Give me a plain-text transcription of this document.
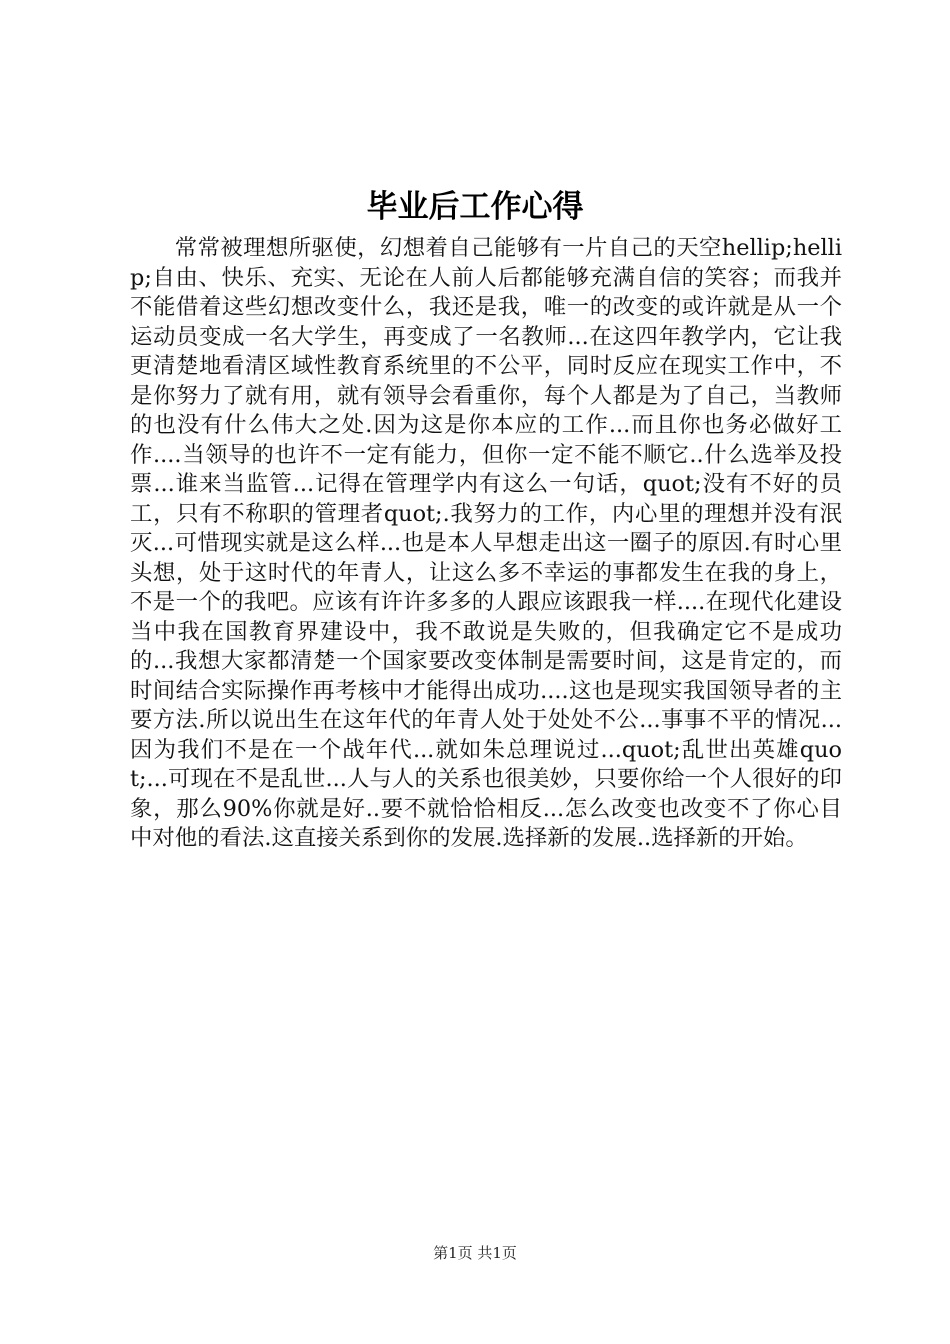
毕业后工作心得

常常被理想所驱使，幻想着自己能够有一片自己的天空hellip;hellip;自由、快乐、充实、无论在人前人后都能够充满自信的笑容；而我并不能借着这些幻想改变什么，我还是我，唯一的改变的或许就是从一个运动员变成一名大学生，再变成了一名教师...在这四年教学内，它让我更清楚地看清区域性教育系统里的不公平，同时反应在现实工作中，不是你努力了就有用，就有领导会看重你，每个人都是为了自己，当教师的也没有什么伟大之处.因为这是你本应的工作...而且你也务必做好工作....当领导的也许不一定有能力，但你一定不能不顺它..什么选举及投票...谁来当监管...记得在管理学内有这么一句话，quot;没有不好的员工，只有不称职的管理者quot;.我努力的工作，内心里的理想并没有泯灭...可惜现实就是这么样...也是本人早想走出这一圈子的原因.有时心里头想，处于这时代的年青人，让这么多不幸运的事都发生在我的身上，不是一个的我吧。应该有许许多多的人跟应该跟我一样....在现代化建设当中我在国教育界建设中，我不敢说是失败的，但我确定它不是成功的...我想大家都清楚一个国家要改变体制是需要时间，这是肯定的，而时间结合实际操作再考核中才能得出成功....这也是现实我国领导者的主要方法.所以说出生在这年代的年青人处于处处不公...事事不平的情况...因为我们不是在一个战年代...就如朱总理说过...quot;乱世出英雄quot;...可现在不是乱世...人与人的关系也很美妙，只要你给一个人很好的印象，那么90%你就是好..要不就恰恰相反...怎么改变也改变不了你心目中对他的看法.这直接关系到你的发展.选择新的发展..选择新的开始。

第1页 共1页
